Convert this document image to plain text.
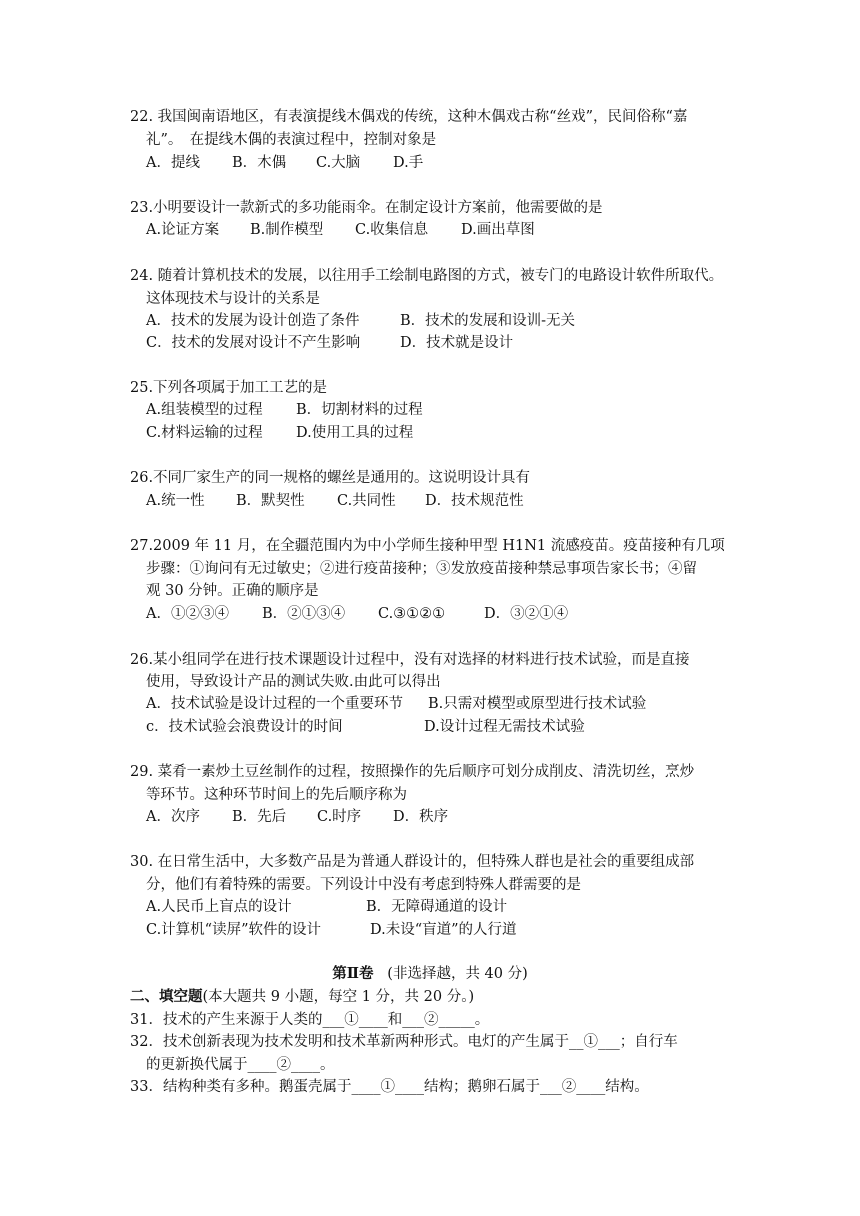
22. 我国闽南语地区，有表演提线木偶戏的传统，这种木偶戏古称“丝戏”，民间俗称“嘉
礼”。　在提线木偶的表演过程中，控制对象是
A．提线 B．木偶 C.大脑 D.手
23.小明要设计一款新式的多功能雨伞。在制定设计方案前，他需要做的是
A.论证方案 B.制作模型 C.收集信息 D.画出草图
24. 随着计算机技术的发展，以往用手工绘制电路图的方式，被专门的电路设计软件所取代。
这体现技术与设计的关系是
A．技术的发展为设计创造了条件	B．技术的发展和设训-无关
C．技术的发展对设计不产生影响	D．技术就是设计
25.下列各项属于加工工艺的是
A.组装模型的过程 B．切割材料的过程
C.材料运输的过程 D.使用工具的过程
26.不同厂家生产的同一规格的螺丝是通用的。这说明设计具有
A.统一性 B．默契性 C.共同性 D．技术规范性
27.2009 年 11 月，在全疆范围内为中小学师生接种甲型 H1N1 流感疫苗。疫苗接种有几项
步骤：①询问有无过敏史；②进行疫苗接种；③发放疫苗接种禁忌事项告家长书；④留
观 30 分钟。正确的顺序是
A．①②③④ B．②①③④ C.③①②①	D．③②①④
26.某小组同学在进行技术课题设计过程中，没有对选择的材料进行技术试验，而是直接
使用，导致设计产品的测试失败.由此可以得出
A．技术试验是设计过程的一个重要环节 B.只需对模型或原型进行技术试验
c．技术试验会浪费设计的时间	D.设计过程无需技术试验
29. 菜肴一素炒土豆丝制作的过程，按照操作的先后顺序可划分成削皮、清洗切丝，烹炒
等环节。这种环节时间上的先后顺序称为
A．次序 B．先后 C.时序 D．秩序
30. 在日常生活中，大多数产品是为普通人群设计的，但特殊人群也是社会的重要组成部
分，他们有着特殊的需要。下列设计中没有考虑到特殊人群需要的是
A.人民币上盲点的设计	B．无障碍通道的设计
C.计算机“读屏”软件的设计	D.未设“盲道”的人行道
第Ⅱ卷 (非选择越，共 40 分)
二、填空题(本大题共 9 小题，每空 1 分，共 20 分。)
31．技术的产生来源于人类的___①____和___②_____。
32．技术创新表现为技术发明和技术革新两种形式。电灯的产生属于__①___；自行车
的更新换代属于____②____。
33．结构种类有多种。鹅蛋壳属于____①____结构；鹅卵石属于___②____结构。
